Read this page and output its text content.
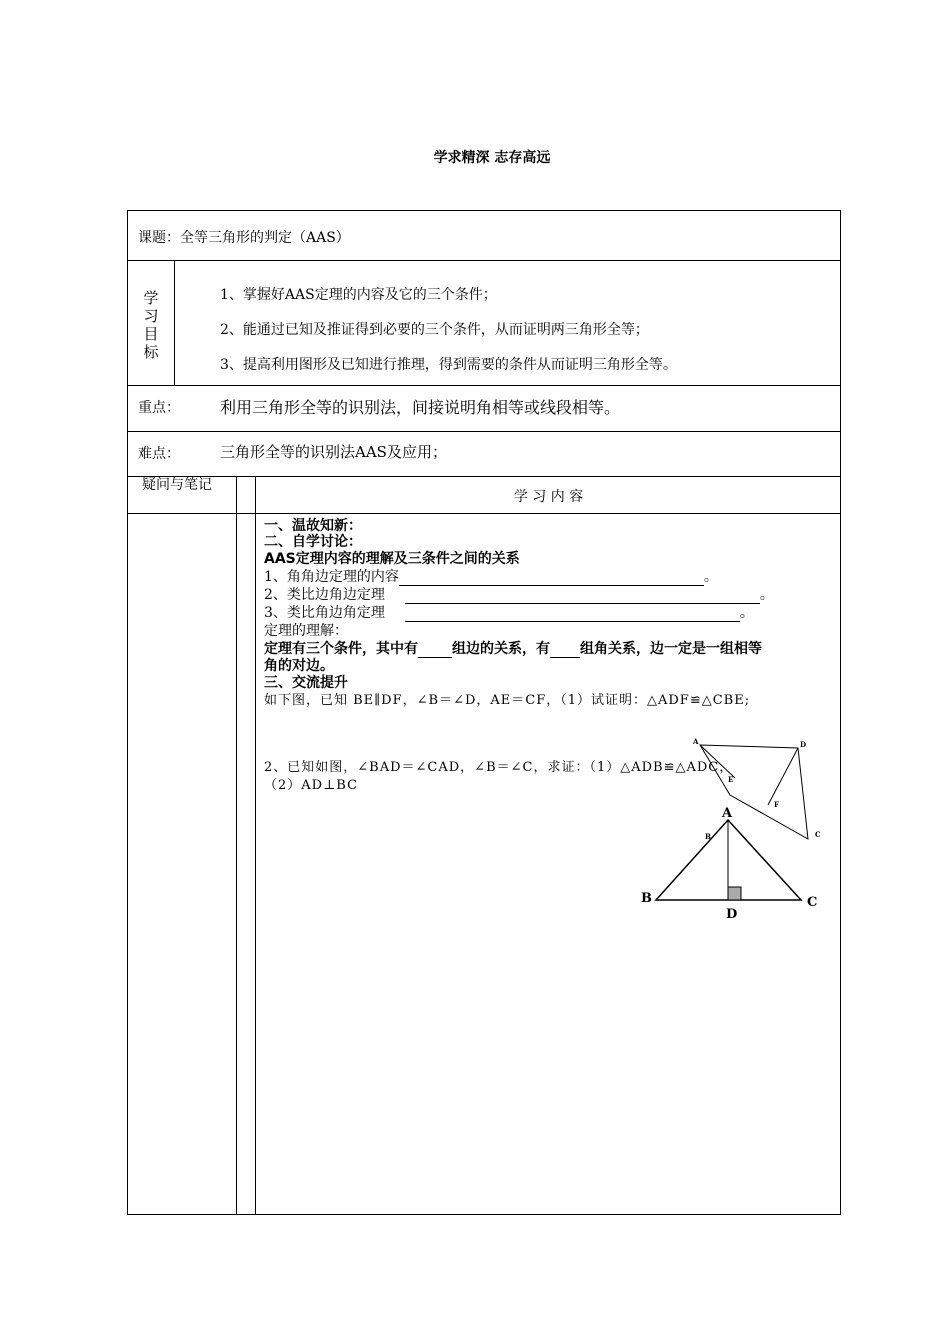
学求精深 志存高远
课题：全等三角形的判定（AAS）
学
习
目
标
1、掌握好AAS定理的内容及它的三个条件；
2、能通过已知及推证得到必要的三个条件，从而证明两三角形全等；
3、提高利用图形及已知进行推理，得到需要的条件从而证明三角形全等。
重点：	利用三角形全等的识别法，间接说明角相等或线段相等。
难点：	三角形全等的识别法AAS及应用；
疑问与笔记
学 习 内 容
一、温故知新：
二、自学讨论：
AAS定理内容的理解及三条件之间的关系
1、角角边定理的内容	。
2、类比边角边定理	。
3、类比角边角定理	。
定理的理解：
定理有三个条件，其中有 组边的关系，有 组角关系，边一定是一组相等
角的对边。
三、交流提升
如下图，已知 BE∥DF，∠B＝∠D，AE＝CF，（1）试证明：△ADF≌△CBE;
2、已知如图，∠BAD＝∠CAD，∠B＝∠C，求证：（1）△ADB≌△ADC，
（2）AD⊥BC
A	D
E
F
B	C
A
B	C
D
